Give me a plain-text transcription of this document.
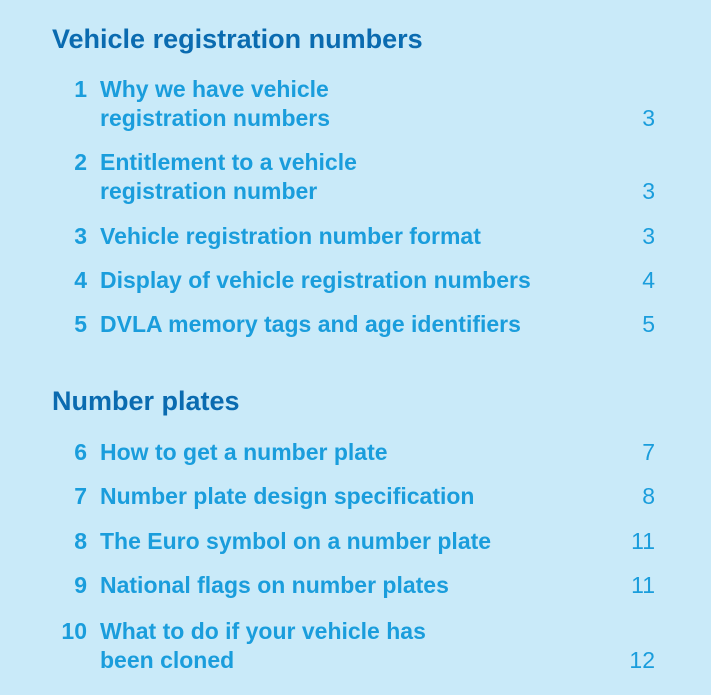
Vehicle registration numbers
1 Why we have vehicle
registration numbers	3
2 Entitlement to a vehicle
registration number	3
3 Vehicle registration number format	3
4 Display of vehicle registration numbers	4
5 DVLA memory tags and age identifiers	5
Number plates
6 How to get a number plate	7
7 Number plate design specification	8
8 The Euro symbol on a number plate	11
9 National flags on number plates	11
10 What to do if your vehicle has
been cloned	12
